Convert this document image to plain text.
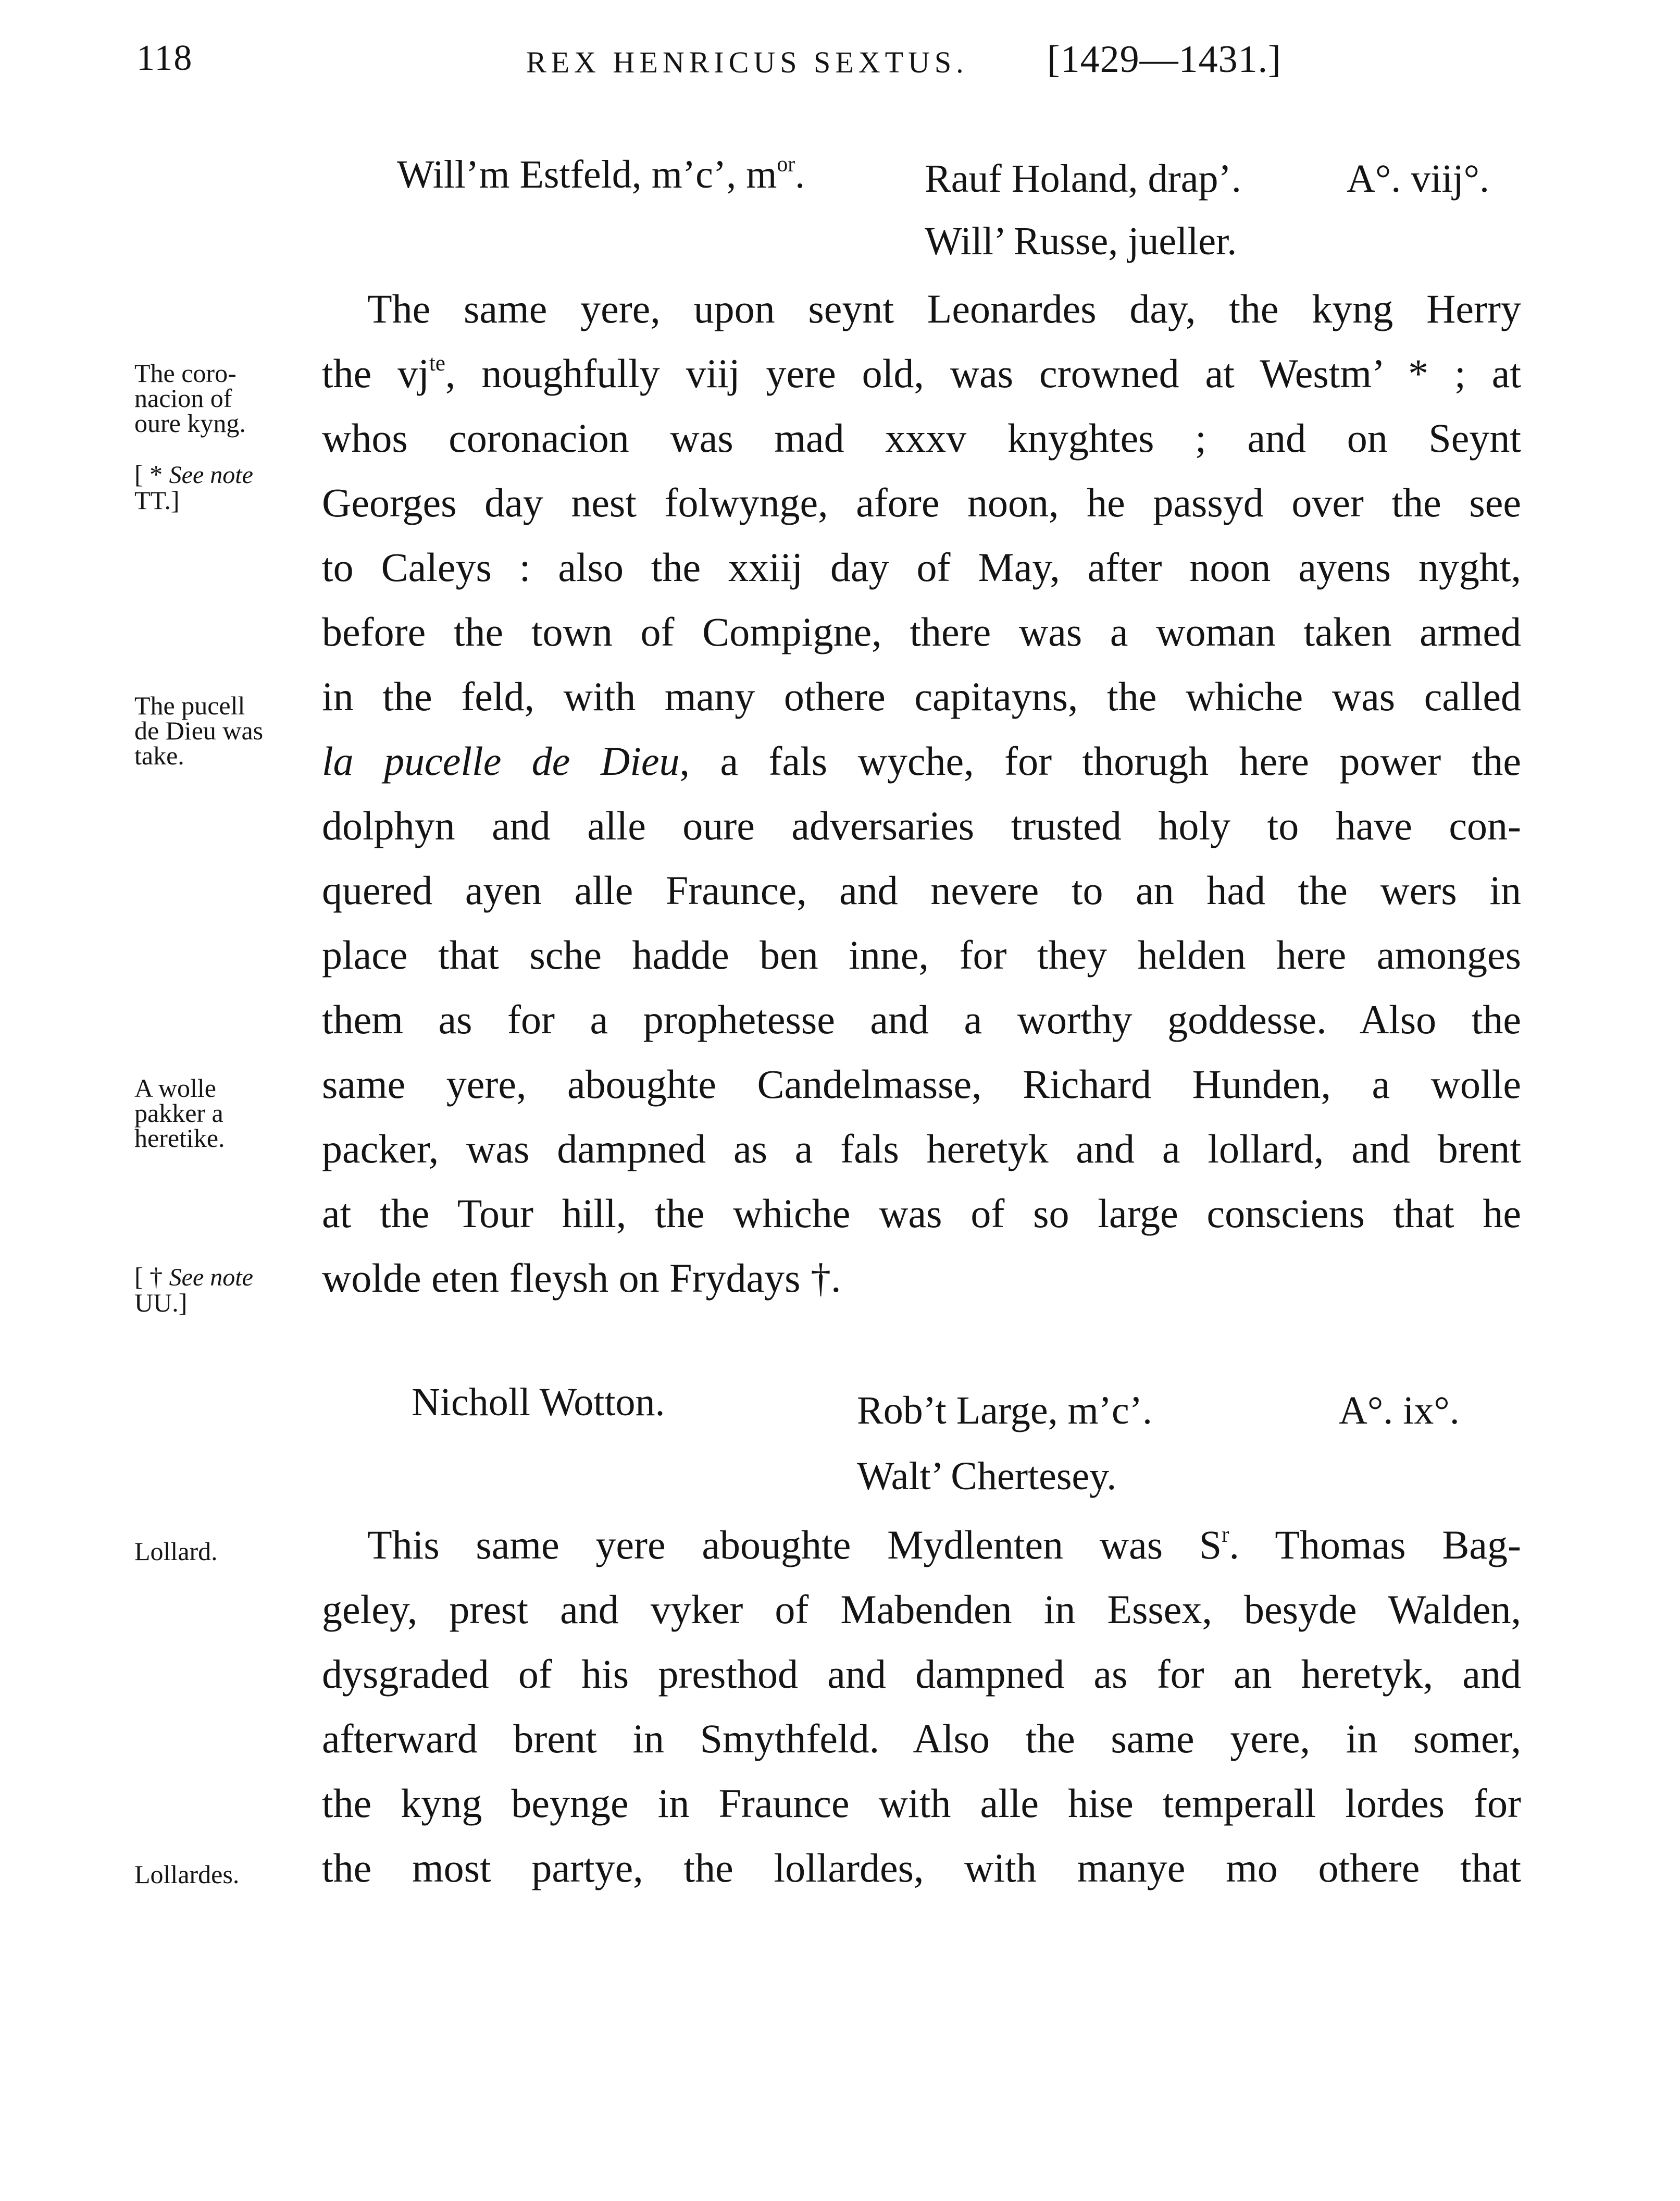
118	REX HENRICUS SEXTUS. [1429—1431.]
Will’m Estfeld, m’c’, $m^{or}$.	Rauf Holand, drap’.	A°. viij°.
Will’ Russe, jueller.
The same yere, upon seynt Leonardes day, the kyng Herry
the $vj^{te}$, noughfully viij yere old, was crowned at Westm’ * ; at
whos coronacion was mad xxxv knyghtes ; and on Seynt
Georges day nest folwynge, afore noon, he passyd over the see
to Caleys : also the xxiij day of May, after noon ayens nyght,
before the town of Compigne, there was a woman taken armed
in the feld, with many othere capitayns, the whiche was called
la pucelle de Dieu, a fals wyche, for thorugh here power the
dolphyn and alle oure adversaries trusted holy to have con-
quered ayen alle Fraunce, and nevere to an had the wers in
place that sche hadde ben inne, for they helden here amonges
them as for a prophetesse and a worthy goddesse. Also the
same yere, aboughte Candelmasse, Richard Hunden, a wolle
packer, was dampned as a fals heretyk and a lollard, and brent
at the Tour hill, the whiche was of so large consciens that he
wolde eten fleysh on Frydays †.
Nicholl Wotton.	Rob’t Large, m’c’.	A°. ix°.
Walt’ Chertesey.
This same yere aboughte Mydlenten was $S^r$. Thomas Bag-
geley, prest and vyker of Mabenden in Essex, besyde Walden,
dysgraded of his presthod and dampned as for an heretyk, and
afterward brent in Smythfeld. Also the same yere, in somer,
the kyng beynge in Fraunce with alle hise temperall lordes for
the most partye, the lollardes, with manye mo othere that
The coro-
nacion of
oure kyng.
[ * See note
TT.]
The pucell
de Dieu was
take.
A wolle
pakker a
heretike.
[ † See note
UU.]
Lollard.
Lollardes.
